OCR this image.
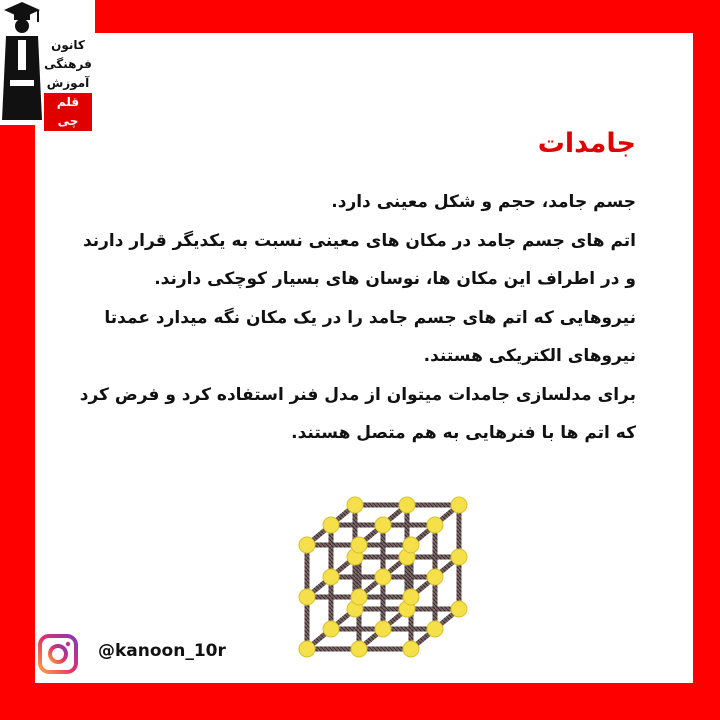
کانون
فرهنگی
آموزش
قلم چی
جامدات
جسم جامد، حجم و شکل معینی دارد.
اتم های جسم جامد در مکان های معینی نسبت به یکدیگر قرار دارند
و در اطراف این مکان ها، نوسان های بسیار کوچکی دارند.
نیروهایی که اتم های جسم جامد را در یک مکان نگه میدارد عمدتا
نیروهای الکتریکی هستند.
برای مدلسازی جامدات میتوان از مدل فنر استفاده کرد و فرض کرد
که اتم ها با فنرهایی به هم متصل هستند.
@kanoon_10r
